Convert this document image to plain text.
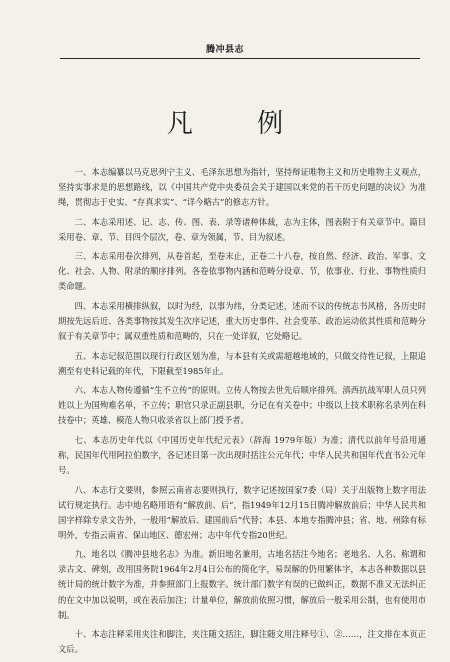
腾冲县志
凡 例

一、本志编纂以马克思列宁主义、毛泽东思想为指针，坚持辩证唯物主义和历史唯物主义观点，坚持实事求是的思想路线，以《中国共产党中央委员会关于建国以来党的若干历史问题的决议》为准绳，贯彻志于史实、“存真求实”、“详今略古”的修志方针。

二、本志采用述、记、志、传、图、表、录等诸种体裁，志为主体，图表附于有关章节中。篇目采用卷、章、节、目四个层次，卷、章为领属，节、目为叙述。

三、本志采用卷次排列，从卷首起，至卷末止，正卷二十八卷，按自然、经济、政治、军事、文化、社会、人物、附录的顺序排列。各卷依事物内涵和范畴分设章、节，依事业、行业、事物性质归类命题。

四、本志采用横排纵叙，以时为经，以事为纬，分类记述，述而不议的传统志书风格，各历史时期按先远后近、各类事物按其发生次序记述，重大历史事件、社会变革、政治运动依其性质和范畴分叙于有关章节中；属双重性质和范畴的，只在一处详叙，它处略记。

五、本志记叙范围以现行行政区划为准，与本县有关或需超越地域的，只做交待性记叙，上限追溯至有史料记载的年代，下限截至1985年止。

六、本志人物传遵循“生不立传”的原则。立传人物按去世先后顺序排列。滇西抗战军职人员只列姓以上为国殉难名单，不立传；职官只录正副县职，分记在有关卷中；中级以上技术职称名录列在科技卷中；英雄、模范人物只收录省以上部门授予者。

七、本志历史年代以《中国历史年代纪元表》（辞海 1979年版）为准；清代以前年号沿用通称，民国年代用阿拉伯数字，各记述目第一次出现时括注公元年代；中华人民共和国年代直书公元年号。

八、本志行文要则，参照云南省志要则执行，数字记述按国家7委（局）关于出版物上数字用法试行规定执行。志中地名略用语有“解放前、后”，指1949年12月15日腾冲解放前后；中华人民共和国字样除专录文告外，一般用“解放后、建国前后”代替；本县、本地专指腾冲县；省、地、州除有标明外，专指云南省、保山地区、德宏州；志中年代专指20世纪。

九、地名以《腾冲县地名志》为准。新旧地名兼用，古地名括注今地名；老地名、人名、称谓和录古文、碑刻，改用国务院1964年2月4日公布的简化字，易误解的仍用繁体字，本志各种数据以县统计局的统计数字为准，并参照部门上报数字。统计部门数字有误的已做纠正，数据不准又无法纠正的在文中加以说明，或在表后加注；计量单位，解放前依照习惯，解放后一般采用公制，也有使用市制。

十、本志注释采用夹注和脚注，夹注随文括注，脚注随文用注释号①、②……，注文排在本页正文后。
